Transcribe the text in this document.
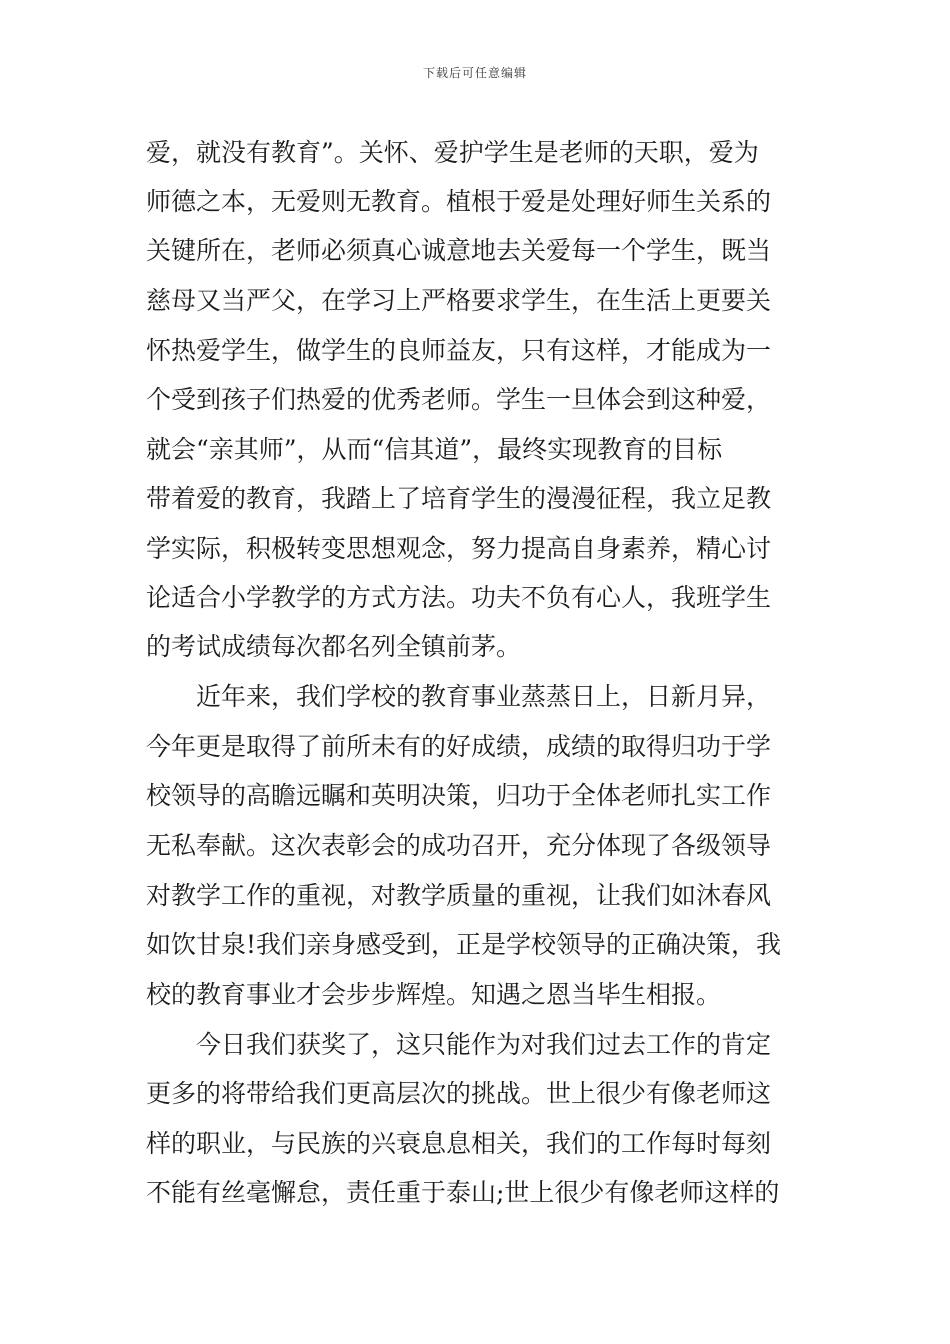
下载后可任意编辑
爱，就没有教育”。关怀、爱护学生是老师的天职，爱为
师德之本，无爱则无教育。植根于爱是处理好师生关系的
关键所在，老师必须真心诚意地去关爱每一个学生，既当
慈母又当严父，在学习上严格要求学生，在生活上更要关
怀热爱学生，做学生的良师益友，只有这样，才能成为一
个受到孩子们热爱的优秀老师。学生一旦体会到这种爱，
就会“亲其师”，从而“信其道”，最终实现教育的目标
带着爱的教育，我踏上了培育学生的漫漫征程，我立足教
学实际，积极转变思想观念，努力提高自身素养，精心讨
论适合小学教学的方式方法。功夫不负有心人，我班学生
的考试成绩每次都名列全镇前茅。
近年来，我们学校的教育事业蒸蒸日上，日新月异，
今年更是取得了前所未有的好成绩，成绩的取得归功于学
校领导的高瞻远瞩和英明决策，归功于全体老师扎实工作
无私奉献。这次表彰会的成功召开，充分体现了各级领导
对教学工作的重视，对教学质量的重视，让我们如沐春风
如饮甘泉!我们亲身感受到，正是学校领导的正确决策，我
校的教育事业才会步步辉煌。知遇之恩当毕生相报。
今日我们获奖了，这只能作为对我们过去工作的肯定
更多的将带给我们更高层次的挑战。世上很少有像老师这
样的职业，与民族的兴衰息息相关，我们的工作每时每刻
不能有丝毫懈怠，责任重于泰山;世上很少有像老师这样的
